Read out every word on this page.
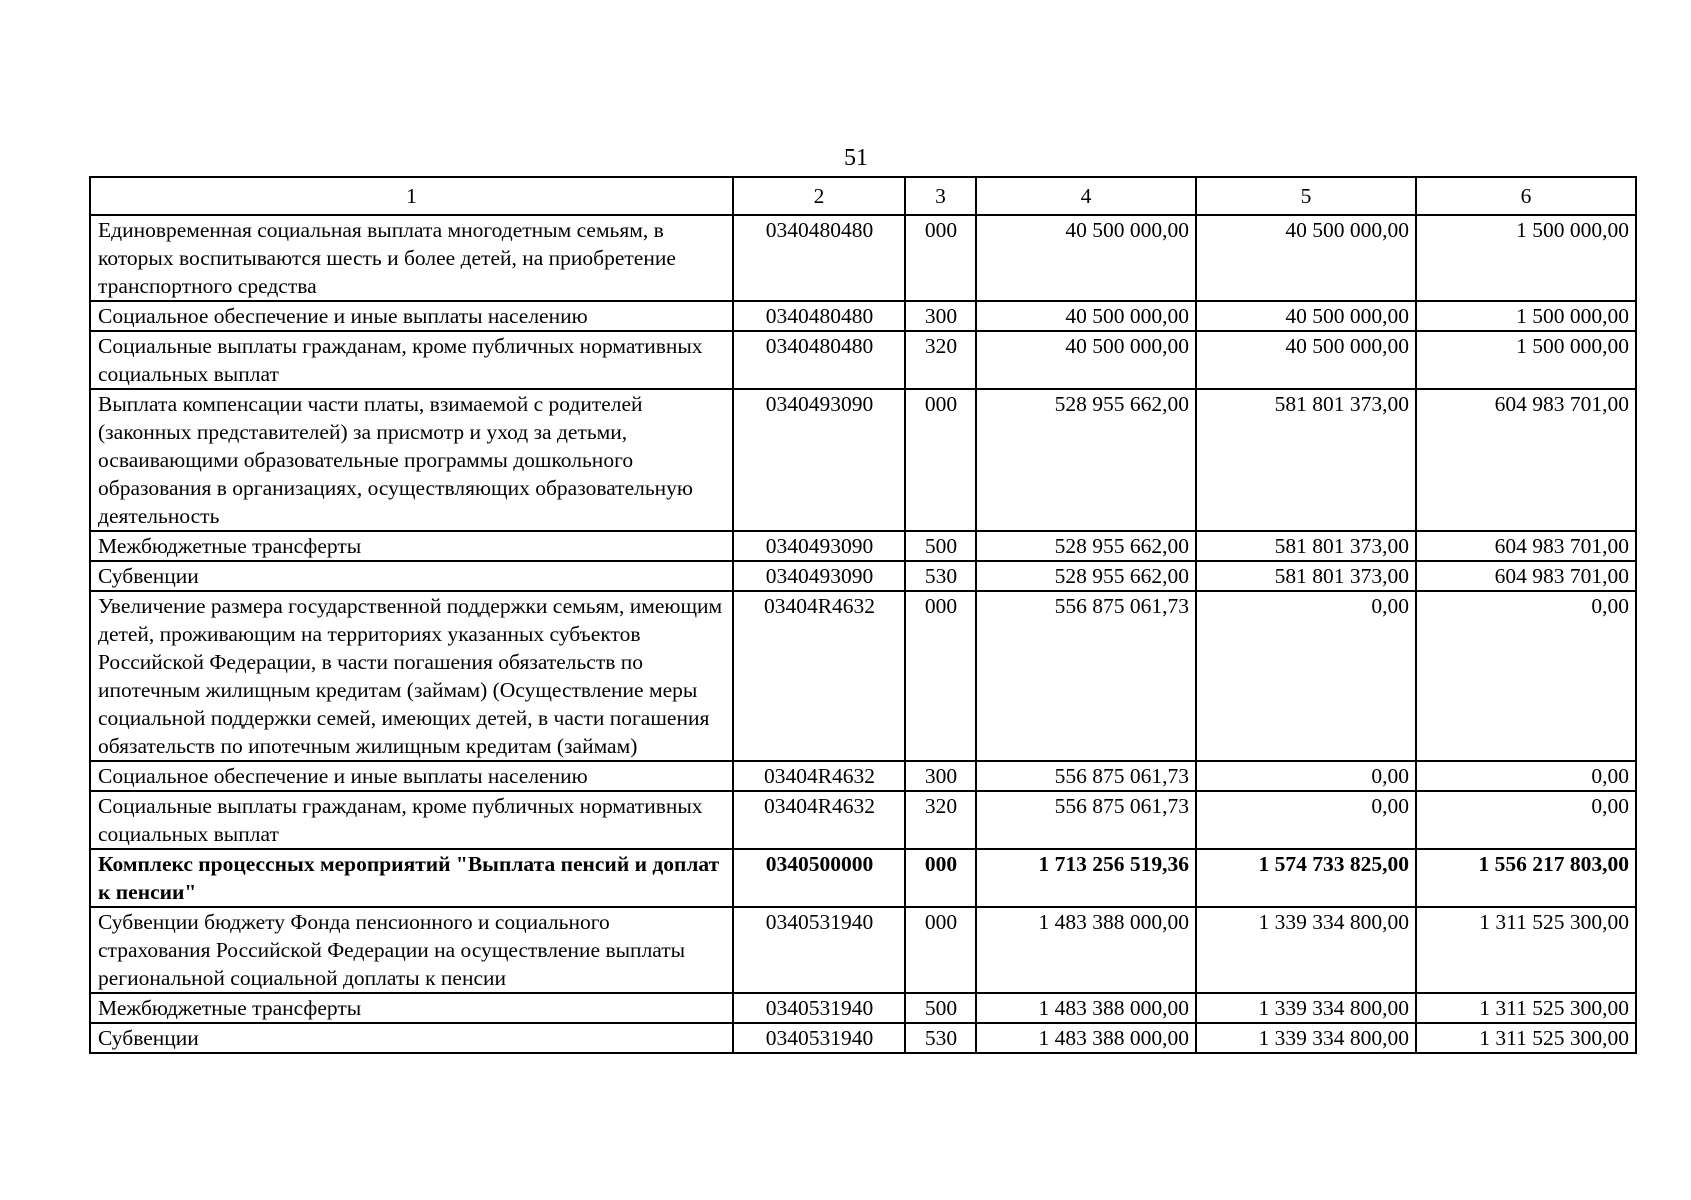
51
1	2	3	4	5	6
Единовременная социальная выплата многодетным семьям, в которых воспитываются шесть и более детей, на приобретение транспортного средства	0340480480	000	40 500 000,00	40 500 000,00	1 500 000,00
Социальное обеспечение и иные выплаты населению	0340480480	300	40 500 000,00	40 500 000,00	1 500 000,00
Социальные выплаты гражданам, кроме публичных нормативных социальных выплат	0340480480	320	40 500 000,00	40 500 000,00	1 500 000,00
Выплата компенсации части платы, взимаемой с родителей (законных представителей) за присмотр и уход за детьми, осваивающими образовательные программы дошкольного образования в организациях, осуществляющих образовательную деятельность	0340493090	000	528 955 662,00	581 801 373,00	604 983 701,00
Межбюджетные трансферты	0340493090	500	528 955 662,00	581 801 373,00	604 983 701,00
Субвенции	0340493090	530	528 955 662,00	581 801 373,00	604 983 701,00
Увеличение размера государственной поддержки семьям, имеющим детей, проживающим на территориях указанных субъектов Российской Федерации, в части погашения обязательств по ипотечным жилищным кредитам (займам) (Осуществление меры социальной поддержки семей, имеющих детей, в части погашения обязательств по ипотечным жилищным кредитам (займам)	03404R4632	000	556 875 061,73	0,00	0,00
Социальное обеспечение и иные выплаты населению	03404R4632	300	556 875 061,73	0,00	0,00
Социальные выплаты гражданам, кроме публичных нормативных социальных выплат	03404R4632	320	556 875 061,73	0,00	0,00
Комплекс процессных мероприятий "Выплата пенсий и доплат к пенсии"	0340500000	000	1 713 256 519,36	1 574 733 825,00	1 556 217 803,00
Субвенции бюджету Фонда пенсионного и социального страхования Российской Федерации на осуществление выплаты региональной социальной доплаты к пенсии	0340531940	000	1 483 388 000,00	1 339 334 800,00	1 311 525 300,00
Межбюджетные трансферты	0340531940	500	1 483 388 000,00	1 339 334 800,00	1 311 525 300,00
Субвенции	0340531940	530	1 483 388 000,00	1 339 334 800,00	1 311 525 300,00
